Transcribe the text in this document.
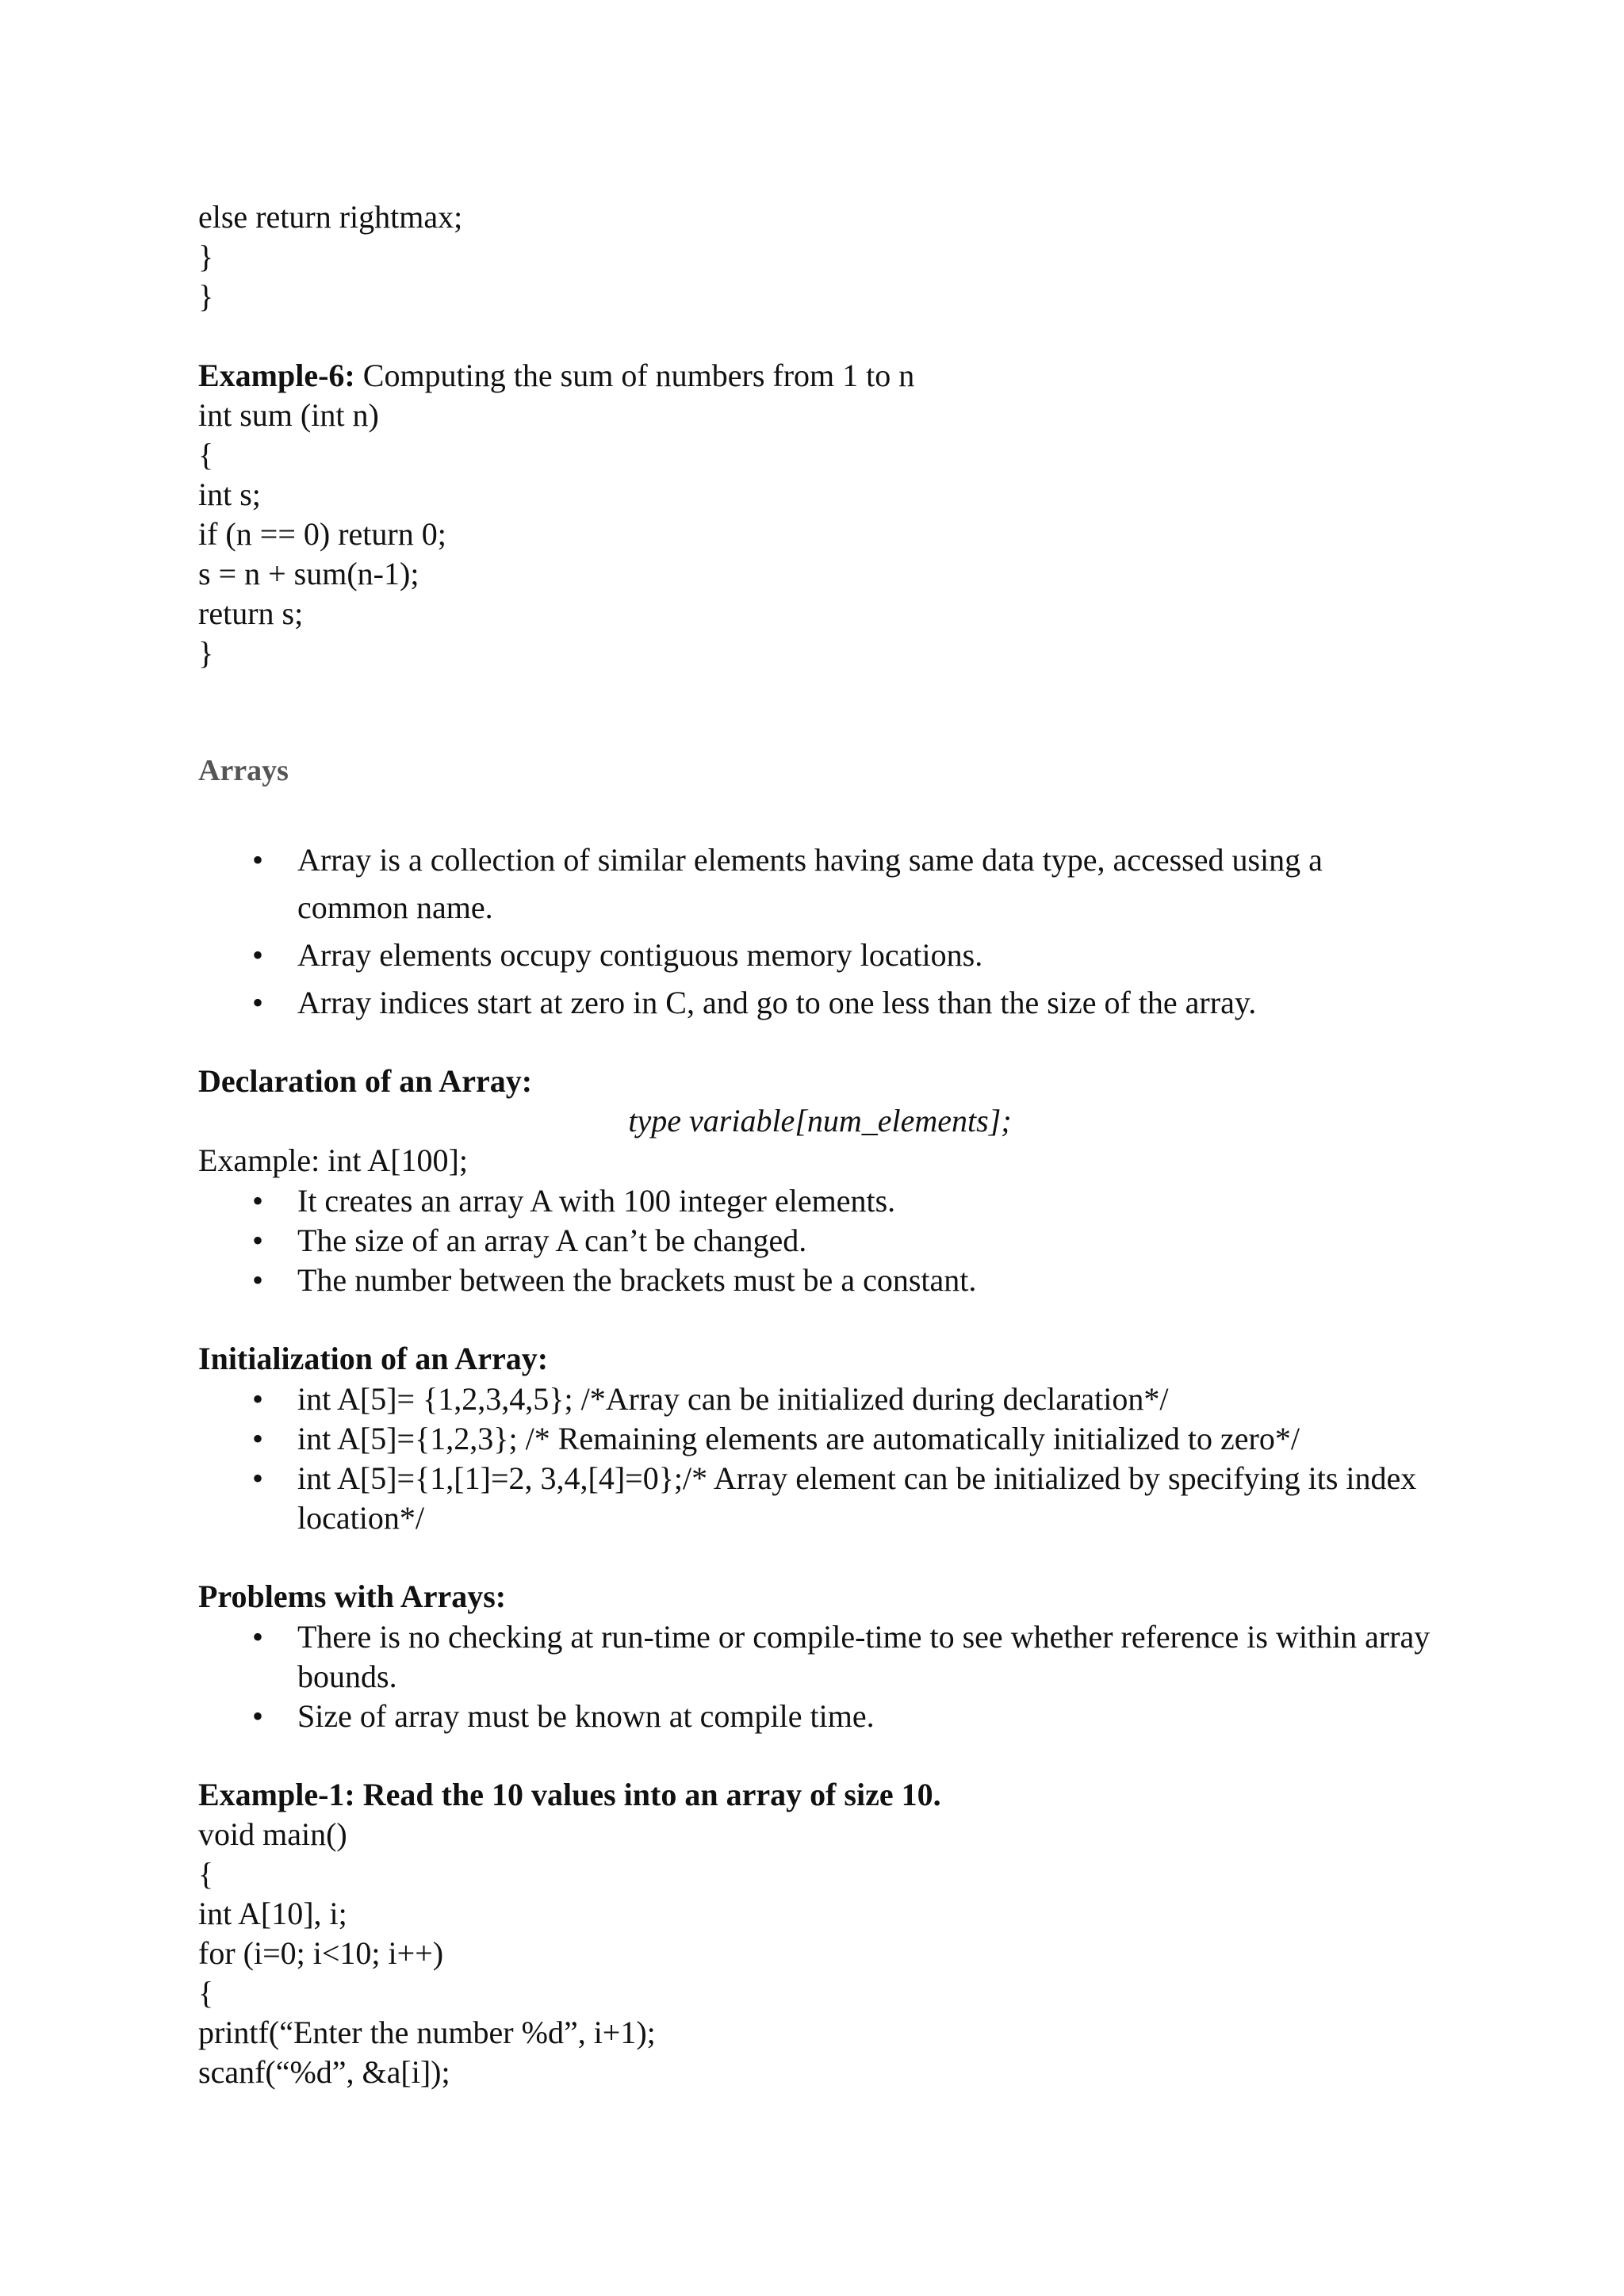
else return rightmax;

}

}

Example-6: Computing the sum of numbers from 1 to n

int sum (int n)

{

int s;

if (n == 0) return 0;

s = n + sum(n-1);

return s;

}

Arrays

• Array is a collection of similar elements having same data type, accessed using a common name.
• Array elements occupy contiguous memory locations.
• Array indices start at zero in C, and go to one less than the size of the array.

Declaration of an Array:

type variable[num_elements];

Example: int A[100];

• It creates an array A with 100 integer elements.
• The size of an array A can’t be changed.
• The number between the brackets must be a constant.

Initialization of an Array:

• int A[5]= {1,2,3,4,5}; /*Array can be initialized during declaration*/
• int A[5]={1,2,3}; /* Remaining elements are automatically initialized to zero*/
• int A[5]={1,[1]=2, 3,4,[4]=0};/* Array element can be initialized by specifying its index location*/

Problems with Arrays:

• There is no checking at run-time or compile-time to see whether reference is within array bounds.
• Size of array must be known at compile time.

Example-1: Read the 10 values into an array of size 10.

void main()

{

int A[10], i;

for (i=0; i<10; i++)

{

printf(“Enter the number %d”, i+1);

scanf(“%d”, &a[i]);
